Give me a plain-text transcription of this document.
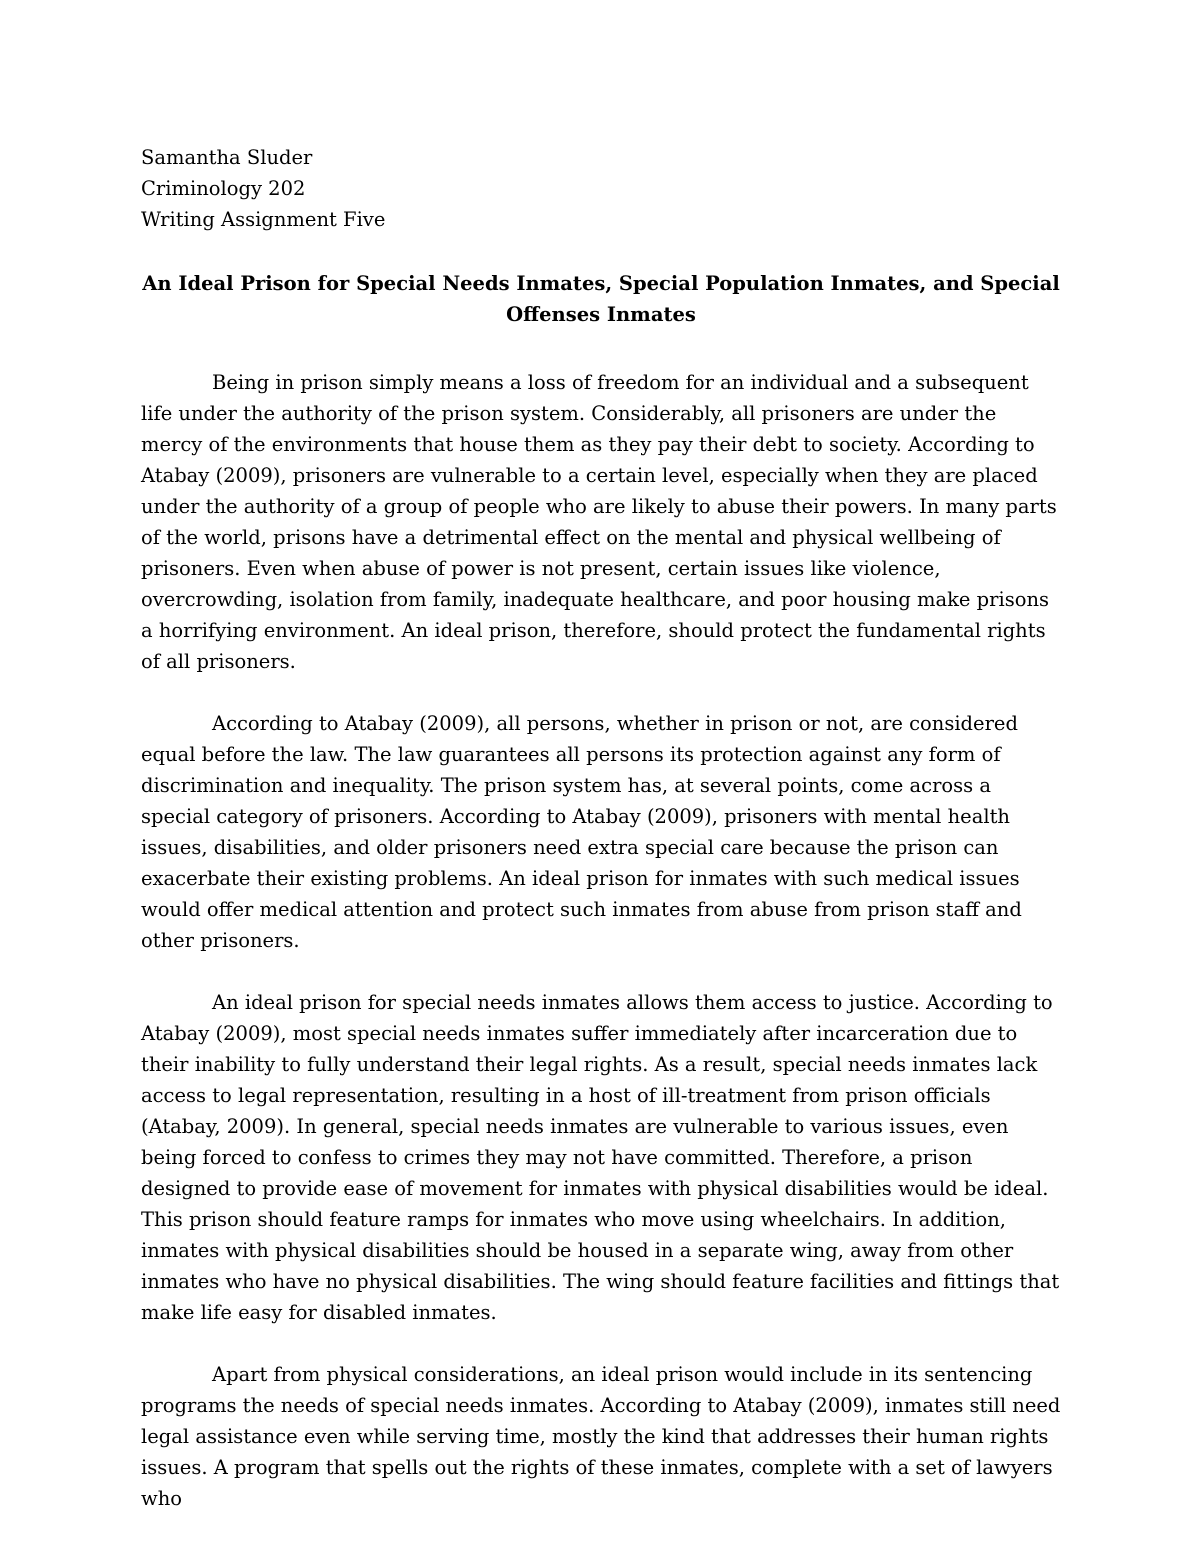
Samantha Sluder

Criminology 202

Writing Assignment Five

An Ideal Prison for Special Needs Inmates, Special Population Inmates, and Special Offenses Inmates

Being in prison simply means a loss of freedom for an individual and a subsequent life under the authority of the prison system. Considerably, all prisoners are under the mercy of the environments that house them as they pay their debt to society. According to Atabay (2009), prisoners are vulnerable to a certain level, especially when they are placed under the authority of a group of people who are likely to abuse their powers. In many parts of the world, prisons have a detrimental effect on the mental and physical wellbeing of prisoners. Even when abuse of power is not present, certain issues like violence, overcrowding, isolation from family, inadequate healthcare, and poor housing make prisons a horrifying environment. An ideal prison, therefore, should protect the fundamental rights of all prisoners.

According to Atabay (2009), all persons, whether in prison or not, are considered equal before the law. The law guarantees all persons its protection against any form of discrimination and inequality. The prison system has, at several points, come across a special category of prisoners. According to Atabay (2009), prisoners with mental health issues, disabilities, and older prisoners need extra special care because the prison can exacerbate their existing problems. An ideal prison for inmates with such medical issues would offer medical attention and protect such inmates from abuse from prison staff and other prisoners.

An ideal prison for special needs inmates allows them access to justice. According to Atabay (2009), most special needs inmates suffer immediately after incarceration due to their inability to fully understand their legal rights. As a result, special needs inmates lack access to legal representation, resulting in a host of ill-treatment from prison officials (Atabay, 2009). In general, special needs inmates are vulnerable to various issues, even being forced to confess to crimes they may not have committed. Therefore, a prison designed to provide ease of movement for inmates with physical disabilities would be ideal. This prison should feature ramps for inmates who move using wheelchairs. In addition, inmates with physical disabilities should be housed in a separate wing, away from other inmates who have no physical disabilities. The wing should feature facilities and fittings that make life easy for disabled inmates.

Apart from physical considerations, an ideal prison would include in its sentencing programs the needs of special needs inmates. According to Atabay (2009), inmates still need legal assistance even while serving time, mostly the kind that addresses their human rights issues. A program that spells out the rights of these inmates, complete with a set of lawyers who
